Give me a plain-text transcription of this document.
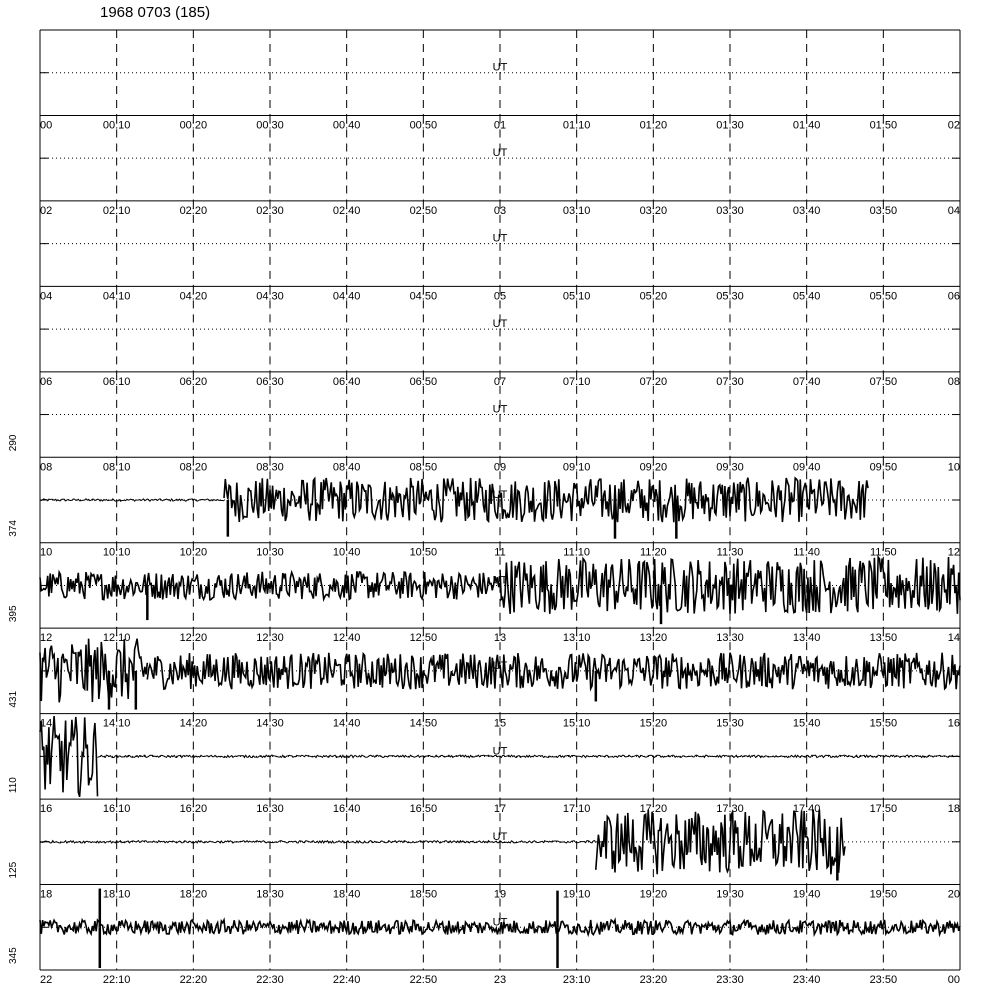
1968 0703 (185)
UT
UT
UT
UT
290
UT
374
UT
395
UT
431
UT
110
UT
125
UT
345
UT
00	00:10	00:20	00:30	00:40	00:50	01	01:10	01:20	01:30	01:40	01:50	02
02	02:10	02:20	02:30	02:40	02:50	03	03:10	03:20	03:30	03:40	03:50	04
04	04:10	04:20	04:30	04:40	04:50	05	05:10	05:20	05:30	05:40	05:50	06
06	06:10	06:20	06:30	06:40	06:50	07	07:10	07:20	07:30	07:40	07:50	08
08	08:10	08:20	08:30	08:40	08:50	09	09:10	09:20	09:30	09:40	09:50	10
10	10:10	10:20	10:30	10:40	10:50	11	11:10	11:20	11:30	11:40	11:50	12
12	12:10	12:20	12:30	12:40	12:50	13	13:10	13:20	13:30	13:40	13:50	14
14	14:10	14:20	14:30	14:40	14:50	15	15:10	15:20	15:30	15:40	15:50	16
16	16:10	16:20	16:30	16:40	16:50	17	17:10	17:20	17:30	17:40	17:50	18
18	18:10	18:20	18:30	18:40	18:50	19	19:10	19:20	19:30	19:40	19:50	20
22	22:10	22:20	22:30	22:40	22:50	23	23:10	23:20	23:30	23:40	23:50	00
